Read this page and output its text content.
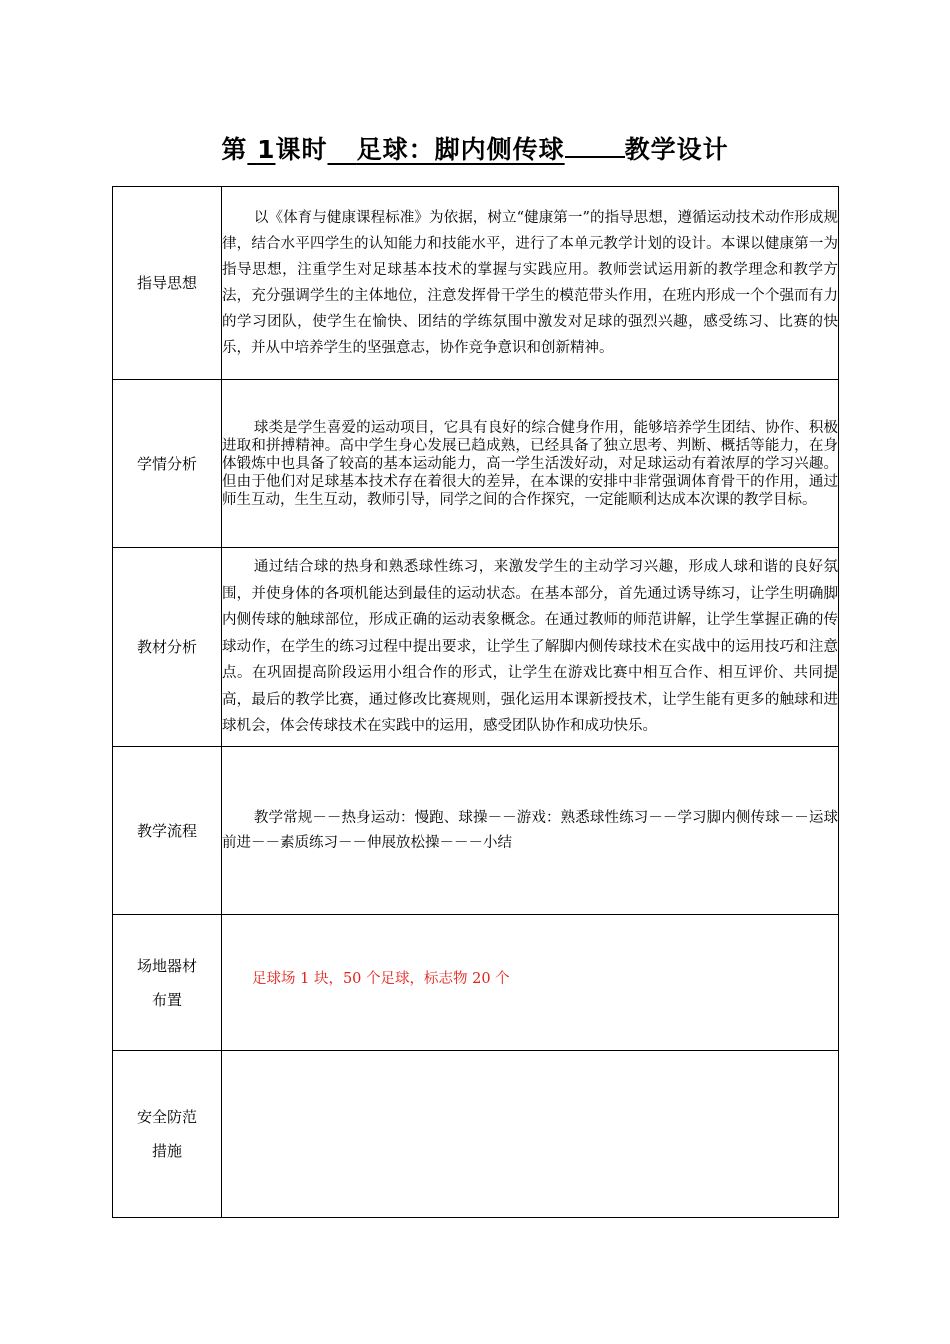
第 1课时 足球：脚内侧传球 教学设计
指导思想	以《体育与健康课程标准》为依据，树立“健康第一”的指导思想，遵循运动技术动作形成规律，结合水平四学生的认知能力和技能水平，进行了本单元教学计划的设计。本课以健康第一为指导思想，注重学生对足球基本技术的掌握与实践应用。教师尝试运用新的教学理念和教学方法，充分强调学生的主体地位，注意发挥骨干学生的模范带头作用，在班内形成一个个强而有力的学习团队，使学生在愉快、团结的学练氛围中激发对足球的强烈兴趣，感受练习、比赛的快乐，并从中培养学生的坚强意志，协作竞争意识和创新精神。

学情分析	球类是学生喜爱的运动项目，它具有良好的综合健身作用，能够培养学生团结、协作、积极进取和拼搏精神。高中学生身心发展已趋成熟，已经具备了独立思考、判断、概括等能力，在身体锻炼中也具备了较高的基本运动能力，高一学生活泼好动，对足球运动有着浓厚的学习兴趣。但由于他们对足球基本技术存在着很大的差异，在本课的安排中非常强调体育骨干的作用，通过师生互动，生生互动，教师引导，同学之间的合作探究，一定能顺利达成本次课的教学目标。

教材分析	通过结合球的热身和熟悉球性练习，来激发学生的主动学习兴趣，形成人球和谐的良好氛围，并使身体的各项机能达到最佳的运动状态。在基本部分，首先通过诱导练习，让学生明确脚内侧传球的触球部位，形成正确的运动表象概念。在通过教师的师范讲解，让学生掌握正确的传球动作，在学生的练习过程中提出要求，让学生了解脚内侧传球技术在实战中的运用技巧和注意点。在巩固提高阶段运用小组合作的形式，让学生在游戏比赛中相互合作、相互评价、共同提高，最后的教学比赛，通过修改比赛规则，强化运用本课新授技术，让学生能有更多的触球和进球机会，体会传球技术在实践中的运用，感受团队协作和成功快乐。

教学流程	教学常规－－热身运动：慢跑、球操－－游戏：熟悉球性练习－－学习脚内侧传球－－运球前进－－素质练习－－伸展放松操－－－小结

场地器材
布置	足球场 1 块，50 个足球，标志物 20 个

安全防范
措施	
